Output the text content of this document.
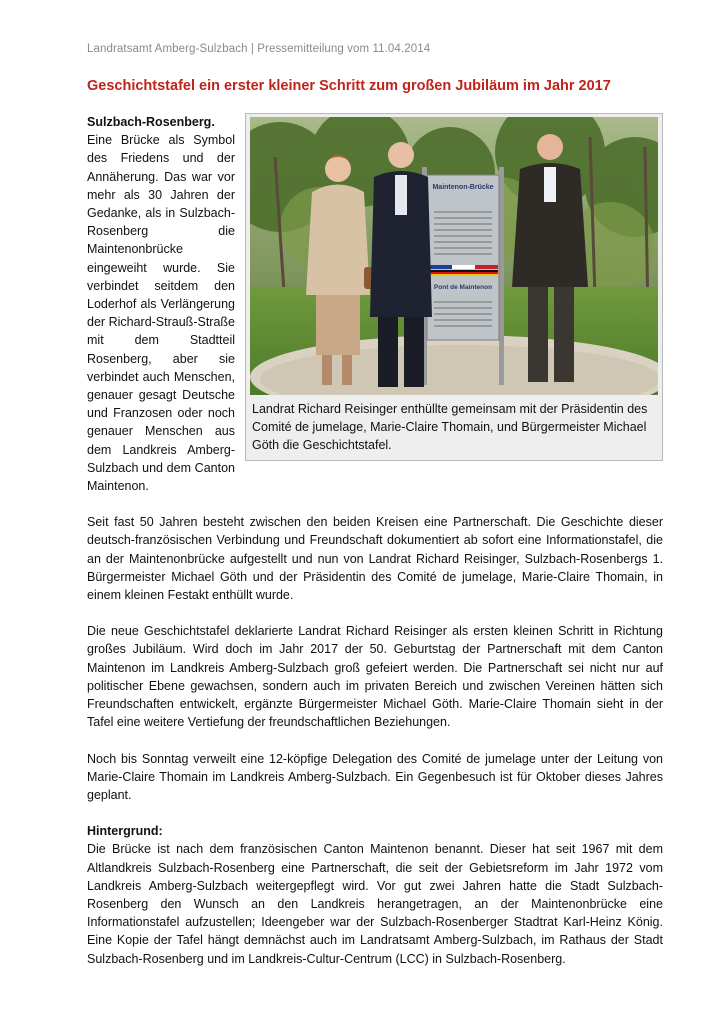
Landratsamt Amberg-Sulzbach | Pressemitteilung vom 11.04.2014
Geschichtstafel ein erster kleiner Schritt zum großen Jubiläum im Jahr 2017
Maintenon-Brücke
Pont de Maintenon
Landrat Richard Reisinger enthüllte gemeinsam mit der Präsidentin des Comité de jumelage, Marie-Claire Thomain, und Bürgermeister Michael Göth die Geschichtstafel.
Sulzbach-Rosenberg.
Eine Brücke als Symbol des Friedens und der Annäherung. Das war vor mehr als 30 Jahren der Gedanke, als in Sulzbach-Rosenberg die Maintenonbrücke eingeweiht wurde. Sie verbindet seitdem den Loderhof als Verlängerung der Richard-Strauß-Straße mit dem Stadtteil Rosenberg, aber sie verbindet auch Menschen, genauer gesagt Deutsche und Franzosen oder noch genauer Menschen aus dem Landkreis Amberg-Sulzbach und dem Canton Maintenon.

Seit fast 50 Jahren besteht zwischen den beiden Kreisen eine Partnerschaft. Die Geschichte dieser deutsch-französischen Verbindung und Freundschaft dokumentiert ab sofort eine Informationstafel, die an der Maintenonbrücke aufgestellt und nun von Landrat Richard Reisinger, Sulzbach-Rosenbergs 1. Bürgermeister Michael Göth und der Präsidentin des Comité de jumelage, Marie-Claire Thomain, in einem kleinen Festakt enthüllt wurde.

Die neue Geschichtstafel deklarierte Landrat Richard Reisinger als ersten kleinen Schritt in Richtung großes Jubiläum. Wird doch im Jahr 2017 der 50. Geburtstag der Partnerschaft mit dem Canton Maintenon im Landkreis Amberg-Sulzbach groß gefeiert werden. Die Partnerschaft sei nicht nur auf politischer Ebene gewachsen, sondern auch im privaten Bereich und zwischen Vereinen hätten sich Freundschaften entwickelt, ergänzte Bürgermeister Michael Göth. Marie-Claire Thomain sieht in der Tafel eine weitere Vertiefung der freundschaftlichen Beziehungen.

Noch bis Sonntag verweilt eine 12-köpfige Delegation des Comité de jumelage unter der Leitung von Marie-Claire Thomain im Landkreis Amberg-Sulzbach. Ein Gegenbesuch ist für Oktober dieses Jahres geplant.

Hintergrund:

Die Brücke ist nach dem französischen Canton Maintenon benannt. Dieser hat seit 1967 mit dem Altlandkreis Sulzbach-Rosenberg eine Partnerschaft, die seit der Gebietsreform im Jahr 1972 vom Landkreis Amberg-Sulzbach weitergepflegt wird. Vor gut zwei Jahren hatte die Stadt Sulzbach-Rosenberg den Wunsch an den Landkreis herangetragen, an der Maintenonbrücke eine Informationstafel aufzustellen; Ideengeber war der Sulzbach-Rosenberger Stadtrat Karl-Heinz König. Eine Kopie der Tafel hängt demnächst auch im Landratsamt Amberg-Sulzbach, im Rathaus der Stadt Sulzbach-Rosenberg und im Landkreis-Cultur-Centrum (LCC) in Sulzbach-Rosenberg.
